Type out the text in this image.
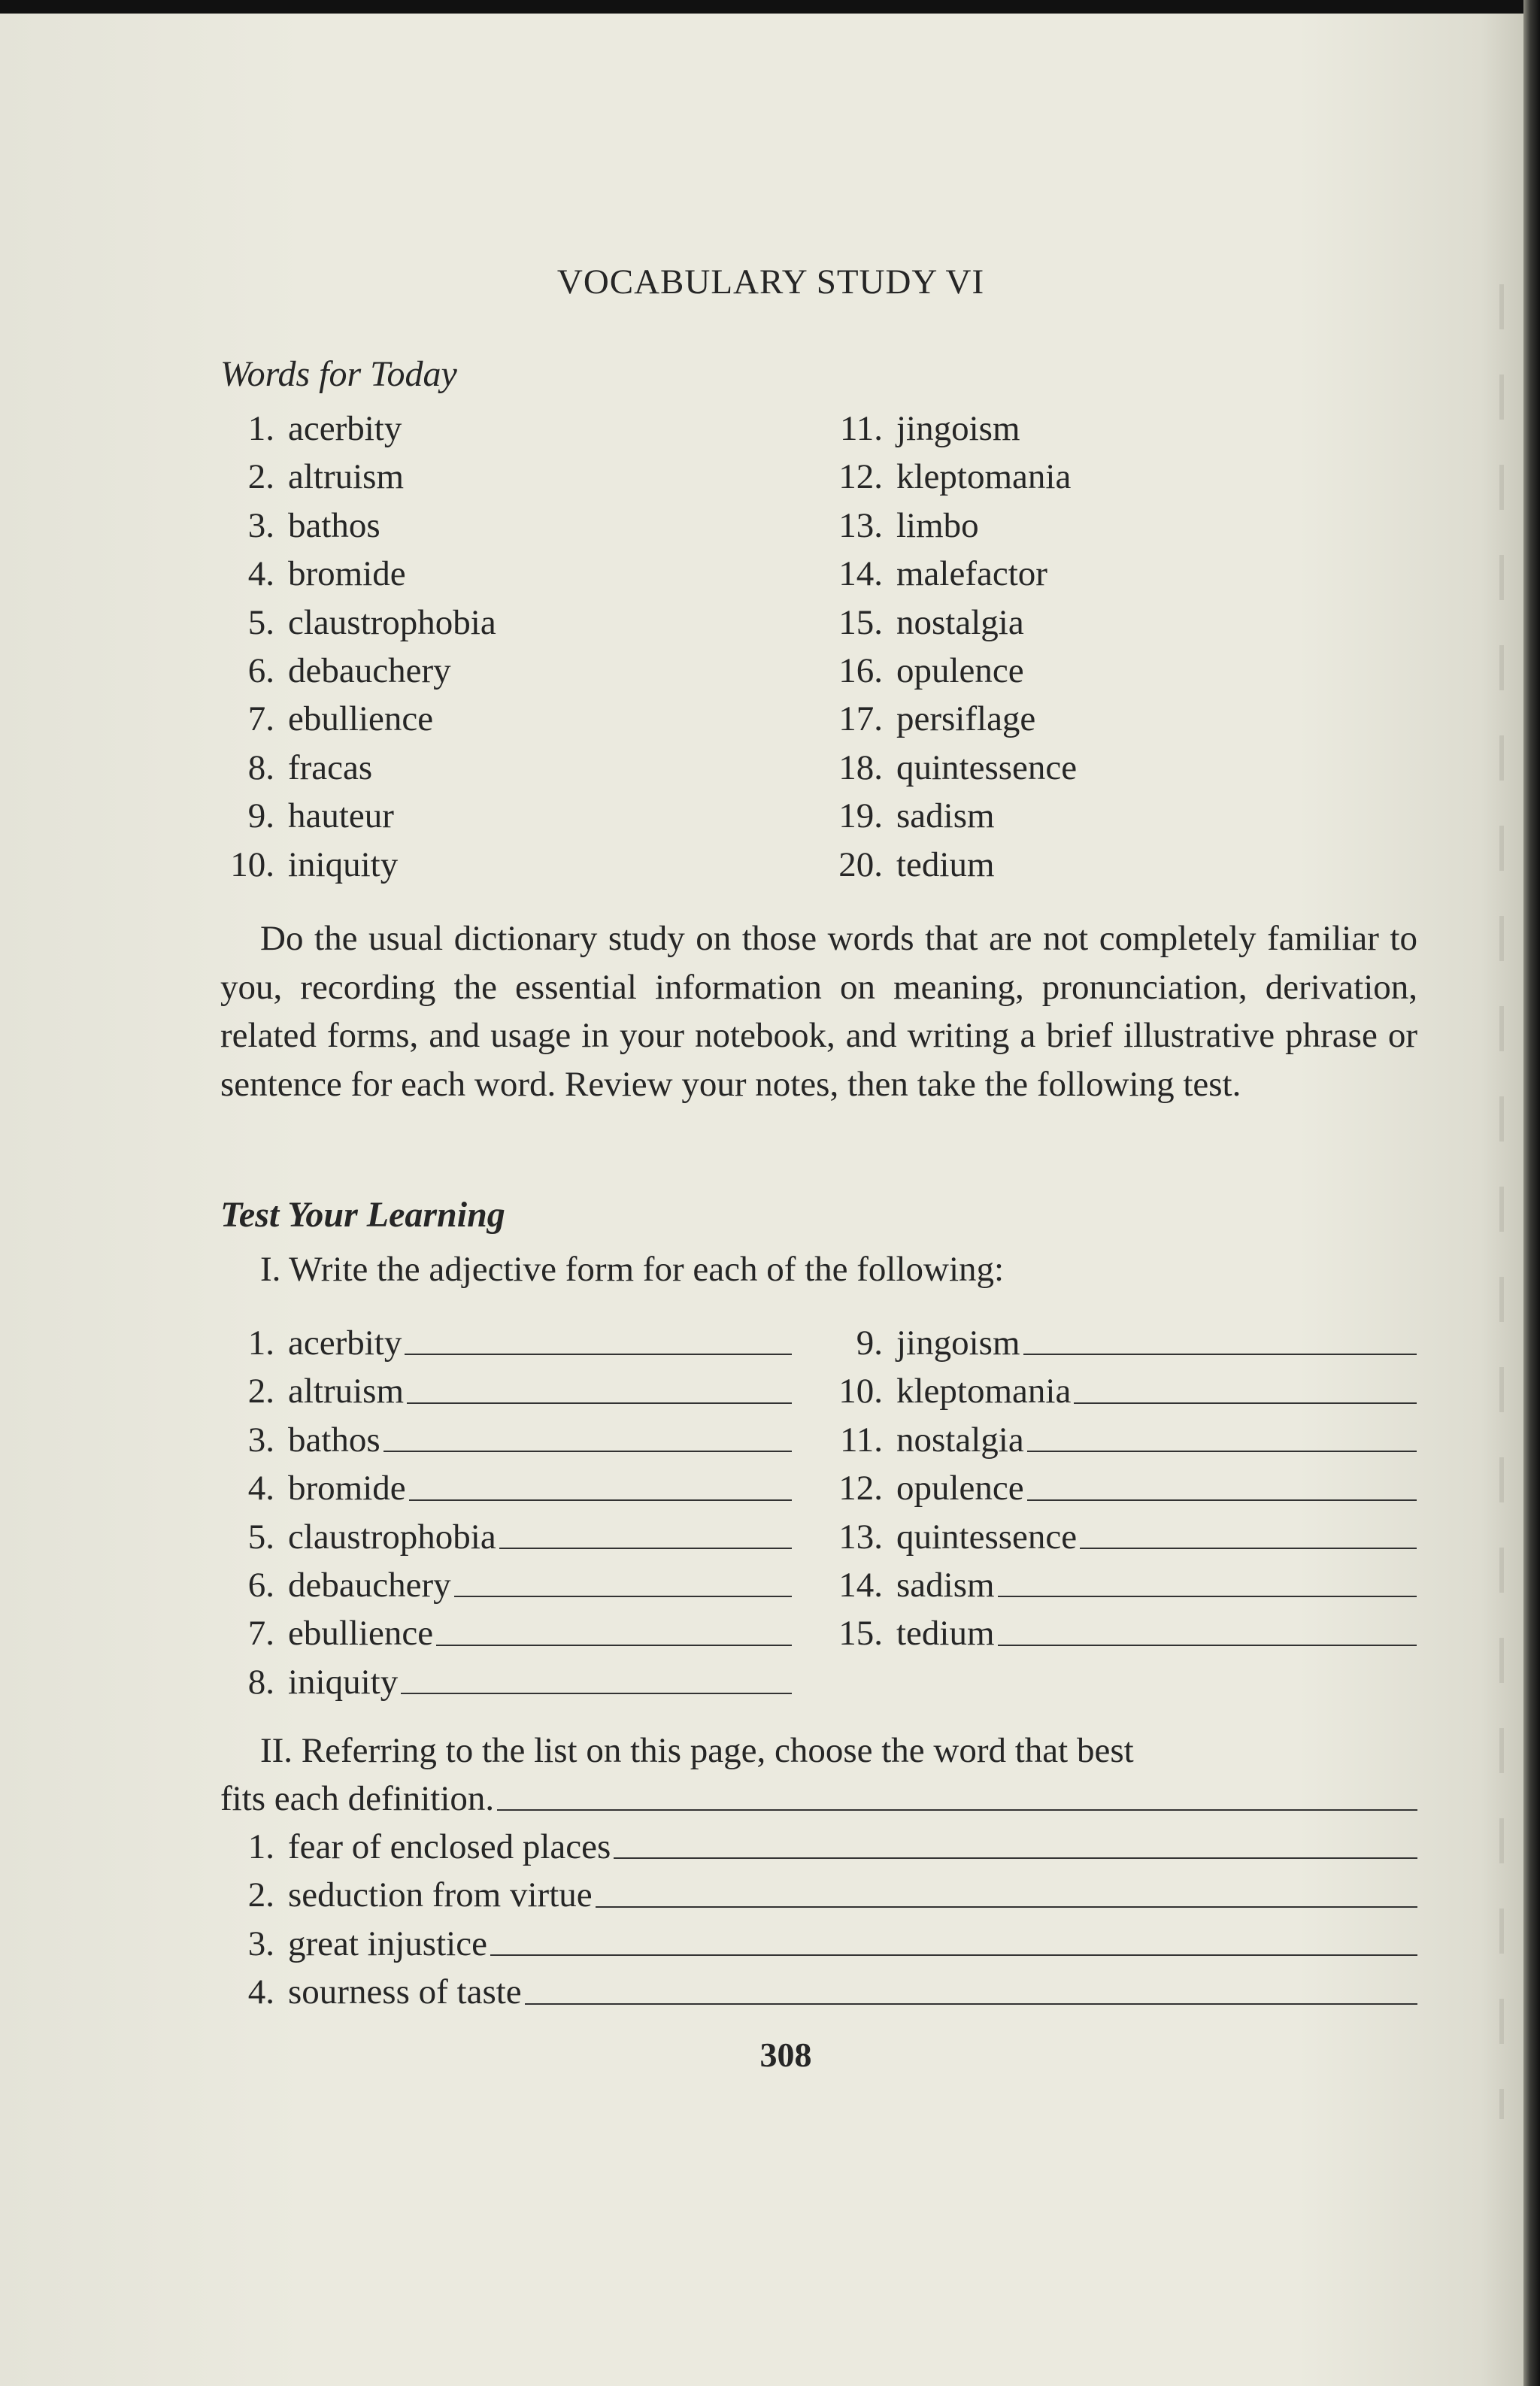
VOCABULARY STUDY VI
Words for Today
1. acerbity
2. altruism
3. bathos
4. bromide
5. claustrophobia
6. debauchery
7. ebullience
8. fracas
9. hauteur
10. iniquity
11. jingoism
12. kleptomania
13. limbo
14. malefactor
15. nostalgia
16. opulence
17. persiflage
18. quintessence
19. sadism
20. tedium
Do the usual dictionary study on those words that are not completely familiar to you, recording the essential information on meaning, pronunciation, derivation, related forms, and usage in your notebook, and writing a brief illustrative phrase or sentence for each word. Review your notes, then take the following test.
Test Your Learning
I. Write the adjective form for each of the following:
1. acerbity
2. altruism
3. bathos
4. bromide
5. claustrophobia
6. debauchery
7. ebullience
8. iniquity
9. jingoism
10. kleptomania
11. nostalgia
12. opulence
13. quintessence
14. sadism
15. tedium
II. Referring to the list on this page, choose the word that best
fits each definition.
1. fear of enclosed places
2. seduction from virtue
3. great injustice
4. sourness of taste
308
